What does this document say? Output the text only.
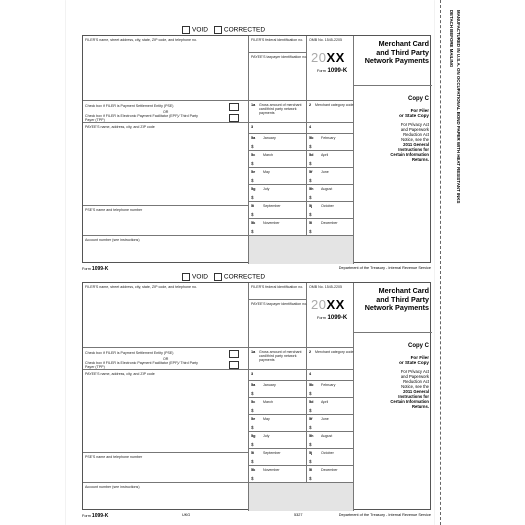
DETACH BEFORE MAILING MANUFACTURED IN U.S.A. ON OCCUPATIONAL BOND PAPER WITH HEAT RESISTANT INKS
VOID	CORRECTED
FILER'S name, street address, city, state, ZIP code, and telephone no.	FILER'S federal identification no. OMB No. 1545-2205
20XX
Form 1099-K
PAYEE'S taxpayer identification no.
Merchant Card
and Third Party
Network Payments
Check box if FILER is Payment Settlement Entity (PSE)
OR
Check box if FILER is Electronic Payment Facilitator (EPF)/ Third Party Payer (TPP)
1a Gross amount of merchant card/third party network payments
2 Merchant category code
3	4
Copy C
For Filer
or State Copy
For Privacy Act
and Paperwork
Reduction Act
Notice, see the
2011 General
Instructions for
Certain Information
Returns.
PAYEE'S name, address, city, and ZIP code
PSE'S name and telephone number
Account number (see instructions)
5a January
$
5b February
$
5c March
$
5d April
$
5e May
$
5f June
$
5g July
$
5h August
$
5i September
$
5j October
$
5k November
$
5l December
$
Form 1099-K	Department of the Treasury - Internal Revenue Service
VOID	CORRECTED
FILER'S name, street address, city, state, ZIP code, and telephone no.	FILER'S federal identification no. OMB No. 1545-2205
20XX
Form 1099-K
PAYEE'S taxpayer identification no.
Merchant Card
and Third Party
Network Payments
Check box if FILER is Payment Settlement Entity (PSE)
OR
Check box if FILER is Electronic Payment Facilitator (EPF)/ Third Party Payer (TPP)
1a Gross amount of merchant card/third party network payments
2 Merchant category code
3	4
Copy C
For Filer
or State Copy
For Privacy Act
and Paperwork
Reduction Act
Notice, see the
2011 General
Instructions for
Certain Information
Returns.
PAYEE'S name, address, city, and ZIP code
PSE'S name and telephone number
Account number (see instructions)
5a January
$
5b February
$
5c March
$
5d April
$
5e May
$
5f June
$
5g July
$
5h August
$
5i September
$
5j October
$
5k November
$
5l December
$
Form 1099-K	UKG	5327	Department of the Treasury - Internal Revenue Service
